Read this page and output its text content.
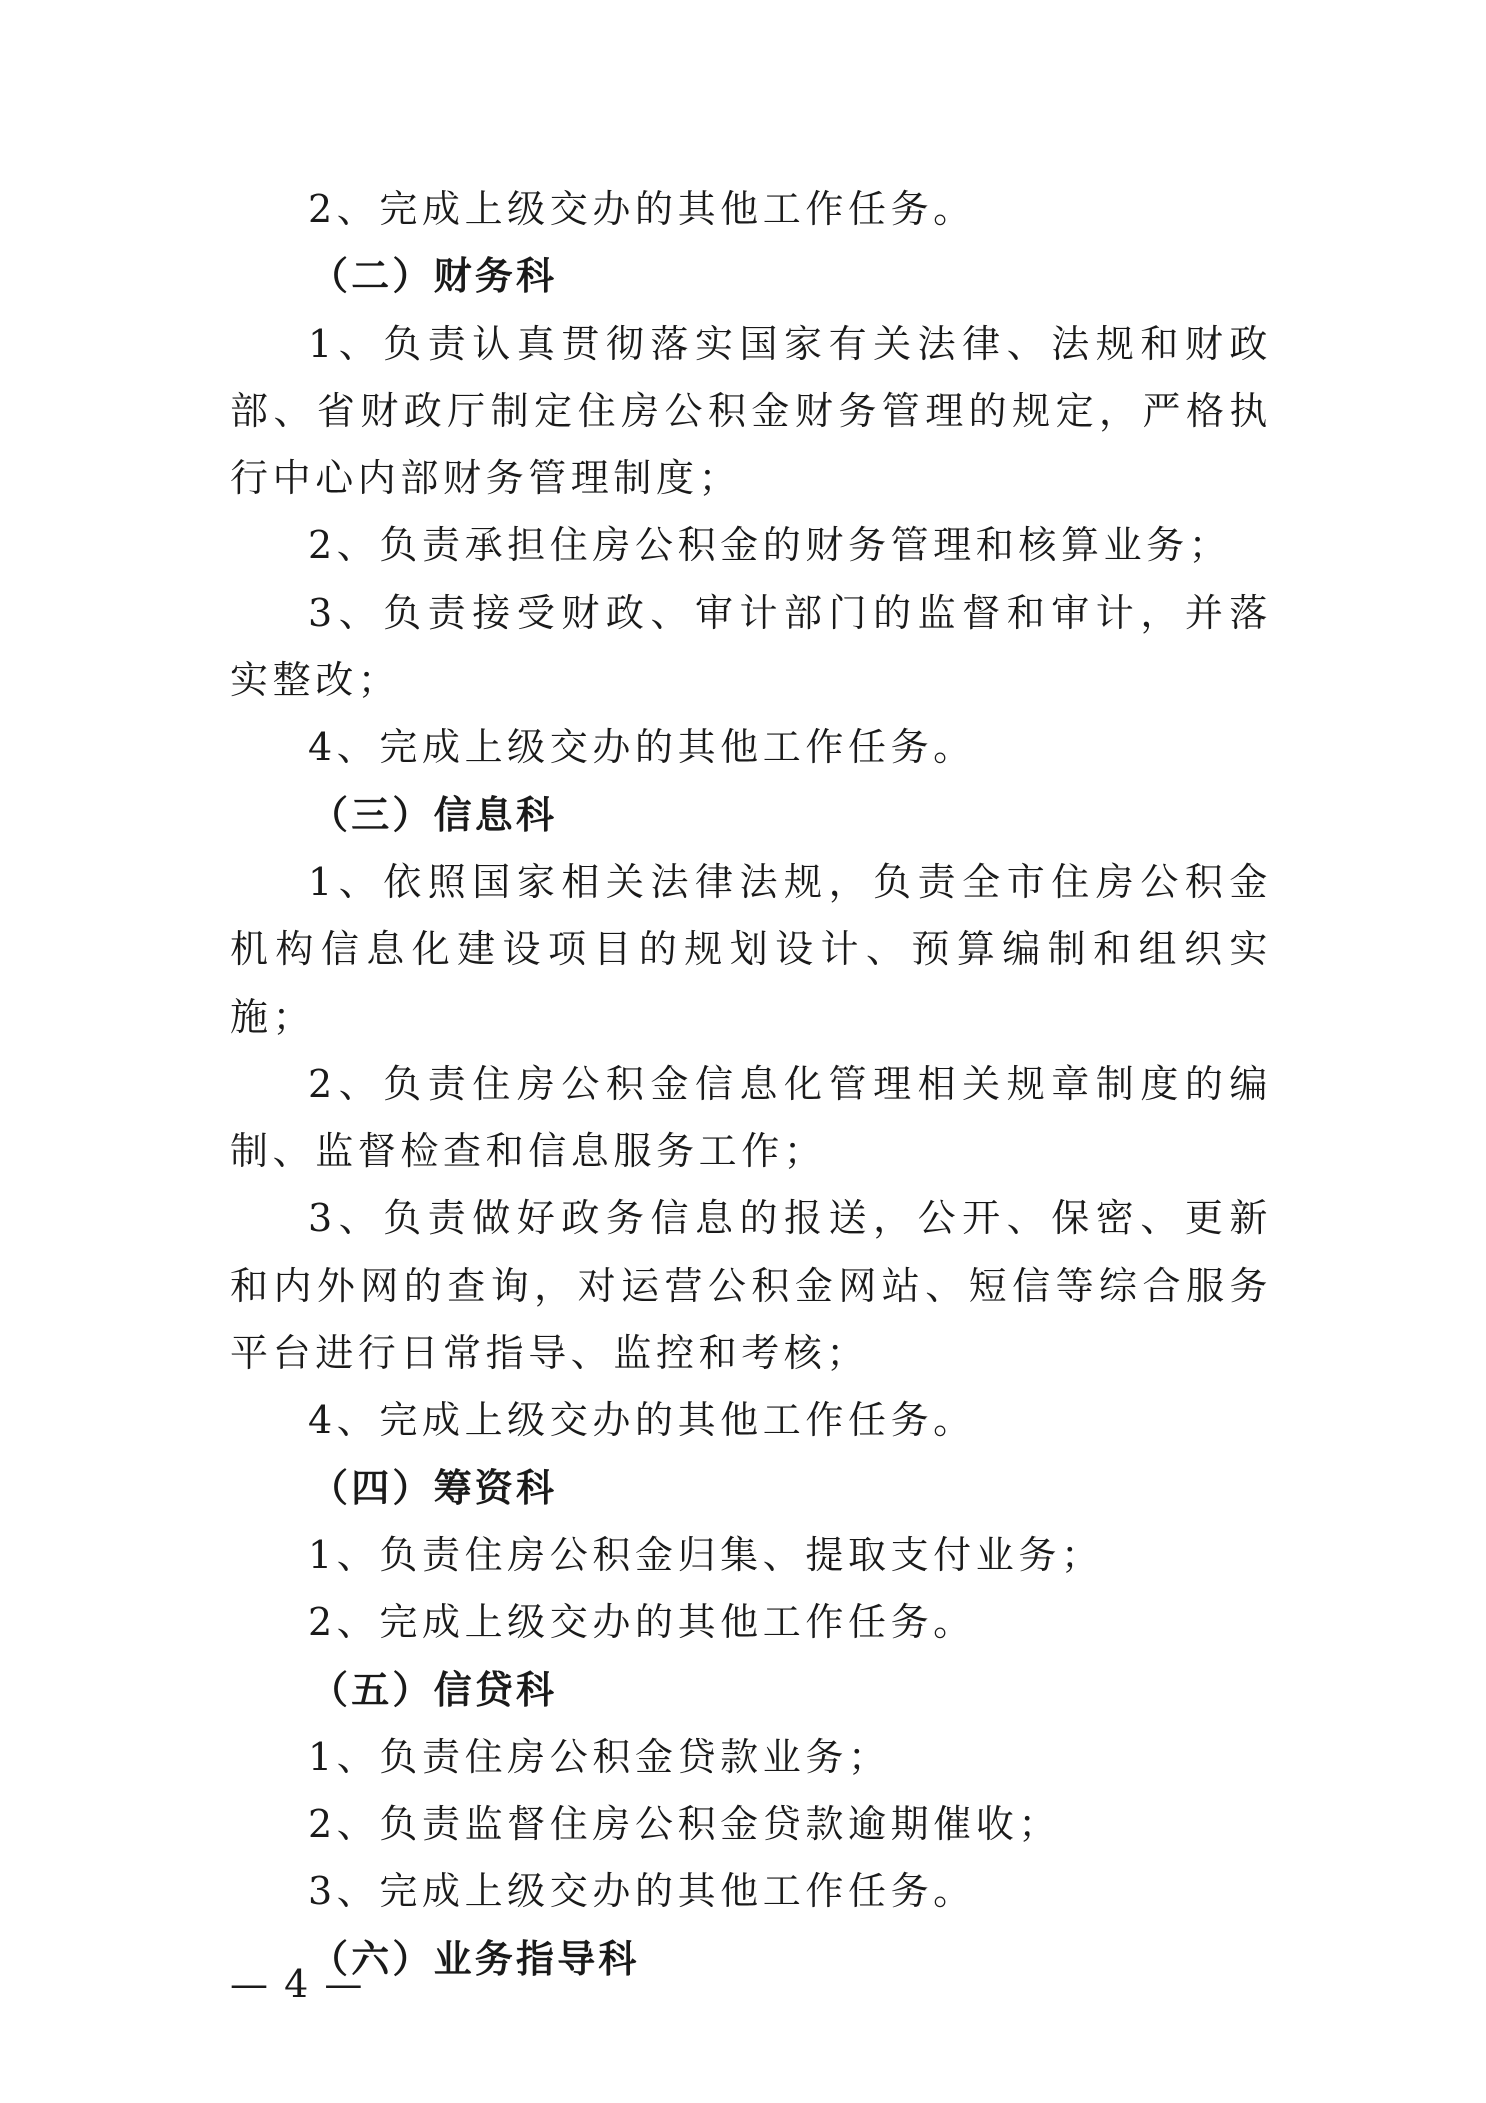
2、完成上级交办的其他工作任务。

（二）财务科

1、负责认真贯彻落实国家有关法律、法规和财政部、省财政厅制定住房公积金财务管理的规定，严格执行中心内部财务管理制度；

2、负责承担住房公积金的财务管理和核算业务；

3、负责接受财政、审计部门的监督和审计，并落实整改；

4、完成上级交办的其他工作任务。

（三）信息科

1、依照国家相关法律法规，负责全市住房公积金机构信息化建设项目的规划设计、预算编制和组织实施；

2、负责住房公积金信息化管理相关规章制度的编制、监督检查和信息服务工作；

3、负责做好政务信息的报送，公开、保密、更新和内外网的查询，对运营公积金网站、短信等综合服务平台进行日常指导、监控和考核；

4、完成上级交办的其他工作任务。

（四）筹资科

1、负责住房公积金归集、提取支付业务；

2、完成上级交办的其他工作任务。

（五）信贷科

1、负责住房公积金贷款业务；

2、负责监督住房公积金贷款逾期催收；

3、完成上级交办的其他工作任务。

（六）业务指导科

— 4 —
